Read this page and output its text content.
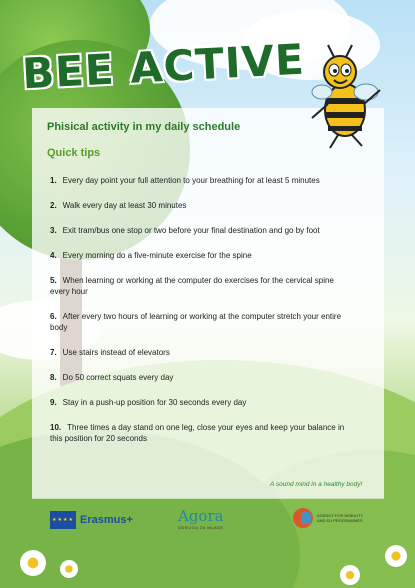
BEE ACTIVE
Phisical activity in my daily schedule
Quick tips
1. Every day point your full attention to your breathing for at least 5 minutes
2. Walk every day at least 30 minutes
3. Exit tram/bus one stop or two before your final destination and go by foot
4. Every morning do a five-minute exercise for the spine
5. When learning or working at the computer do exercises for the cervical spine every hour
6. After every two hours of learning or working at the computer stretch your entire body
7. Use stairs instead of elevators
8. Do 50 correct squats every day
9. Stay in a push-up position for 30 seconds every day
10. Three times a day stand on one leg, close your eyes and keep your balance in this position for 20 seconds
A sound mind in a healthy body!
★★★★ Erasmus+	Agora
UDRUGA ZA MLADE
AGENCY FOR MOBILITY AND EU PROGRAMMES
